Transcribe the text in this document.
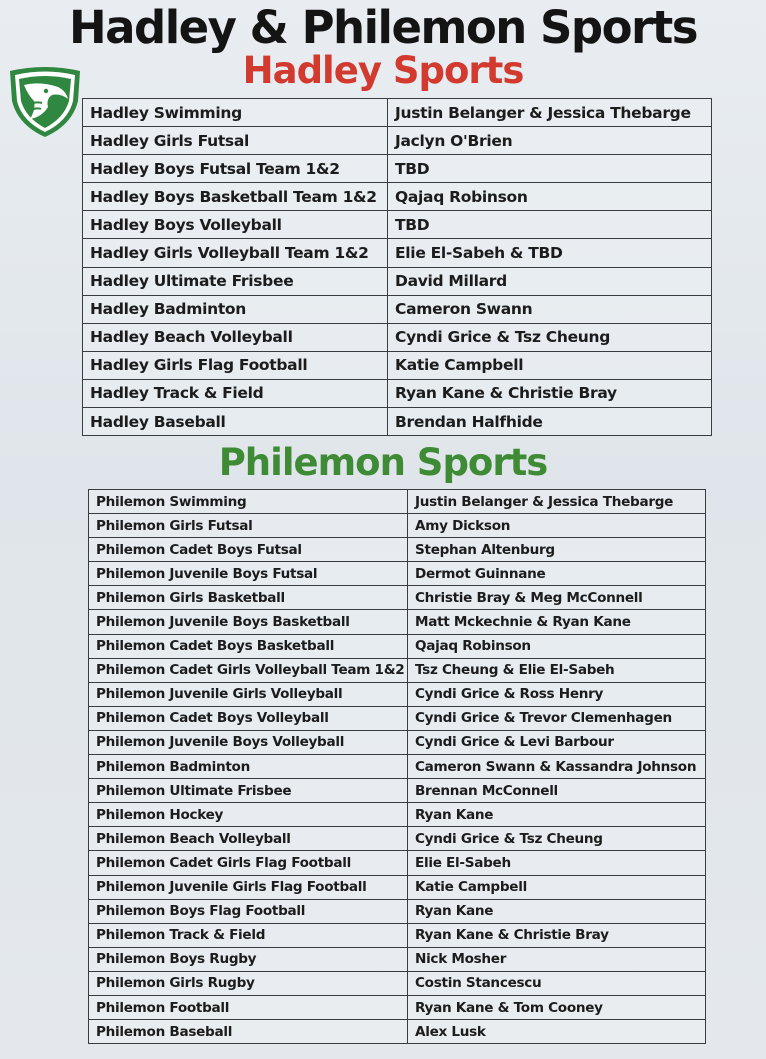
Hadley & Philemon Sports
Hadley Sports
Hadley Swimming	Justin Belanger & Jessica Thebarge
Hadley Girls Futsal	Jaclyn O'Brien
Hadley Boys Futsal Team 1&2	TBD
Hadley Boys Basketball Team 1&2	Qajaq Robinson
Hadley Boys Volleyball	TBD
Hadley Girls Volleyball Team 1&2	Elie El-Sabeh & TBD
Hadley Ultimate Frisbee	David Millard
Hadley Badminton	Cameron Swann
Hadley Beach Volleyball	Cyndi Grice & Tsz Cheung
Hadley Girls Flag Football	Katie Campbell
Hadley Track & Field	Ryan Kane & Christie Bray
Hadley Baseball	Brendan Halfhide
Philemon Sports
Philemon Swimming	Justin Belanger & Jessica Thebarge
Philemon Girls Futsal	Amy Dickson
Philemon Cadet Boys Futsal	Stephan Altenburg
Philemon Juvenile Boys Futsal	Dermot Guinnane
Philemon Girls Basketball	Christie Bray & Meg McConnell
Philemon Juvenile Boys Basketball	Matt Mckechnie & Ryan Kane
Philemon Cadet Boys Basketball	Qajaq Robinson
Philemon Cadet Girls Volleyball Team 1&2	Tsz Cheung & Elie El-Sabeh
Philemon Juvenile Girls Volleyball	Cyndi Grice & Ross Henry
Philemon Cadet Boys Volleyball	Cyndi Grice & Trevor Clemenhagen
Philemon Juvenile Boys Volleyball	Cyndi Grice & Levi Barbour
Philemon Badminton	Cameron Swann & Kassandra Johnson
Philemon Ultimate Frisbee	Brennan McConnell
Philemon Hockey	Ryan Kane
Philemon Beach Volleyball	Cyndi Grice & Tsz Cheung
Philemon Cadet Girls Flag Football	Elie El-Sabeh
Philemon Juvenile Girls Flag Football	Katie Campbell
Philemon Boys Flag Football	Ryan Kane
Philemon Track & Field	Ryan Kane & Christie Bray
Philemon Boys Rugby	Nick Mosher
Philemon Girls Rugby	Costin Stancescu
Philemon Football	Ryan Kane & Tom Cooney
Philemon Baseball	Alex Lusk
